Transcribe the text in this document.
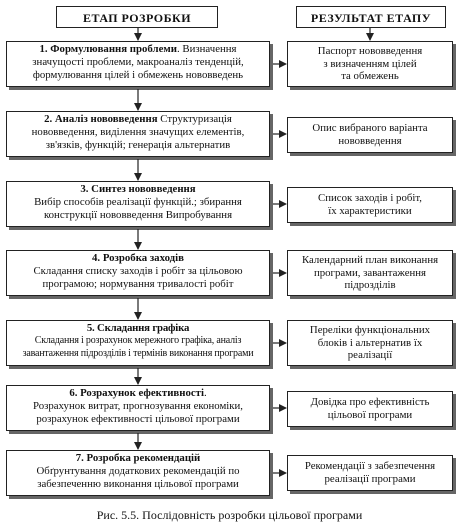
ЕТАП РОЗРОБКИ	РЕЗУЛЬТАТ ЕТАПУ
1. Формулювання проблеми. Визначення
значущості проблеми, макроаналіз тенденцій,
формулювання цілей і обмежень нововведень
2. Аналіз нововведення Структуризація
нововведення, виділення значущих елементів,
зв'язків, функцій; генерація альтернатив
3. Синтез нововведення
Вибір способів реалізації функцій.; збирання
конструкції нововведення Випробування
4. Розробка заходів
Складання списку заходів і робіт за цільовою
програмою; нормування тривалості робіт
5. Складання графіка
Складання і розрахунок мережного графіка, аналіз
завантаження підрозділів і термінів виконання програми
6. Розрахунок ефективності.
Розрахунок витрат, прогнозування економіки,
розрахунок ефективності цільової програми
7. Розробка рекомендацій
Обґрунтування додаткових рекомендацій по
забезпеченню виконання цільової програми
Паспорт нововведення
з визначенням цілей
та обмежень
Опис вибраного варіанта
нововведення
Список заходів і робіт,
їх характеристики
Календарний план виконання
програми, завантаження
підрозділів
Переліки функціональних
блоків і альтернатив їх
реалізації
Довідка про ефективність
цільової програми
Рекомендації з забезпечення
реалізації програми
Рис. 5.5. Послідовність розробки цільової програми
